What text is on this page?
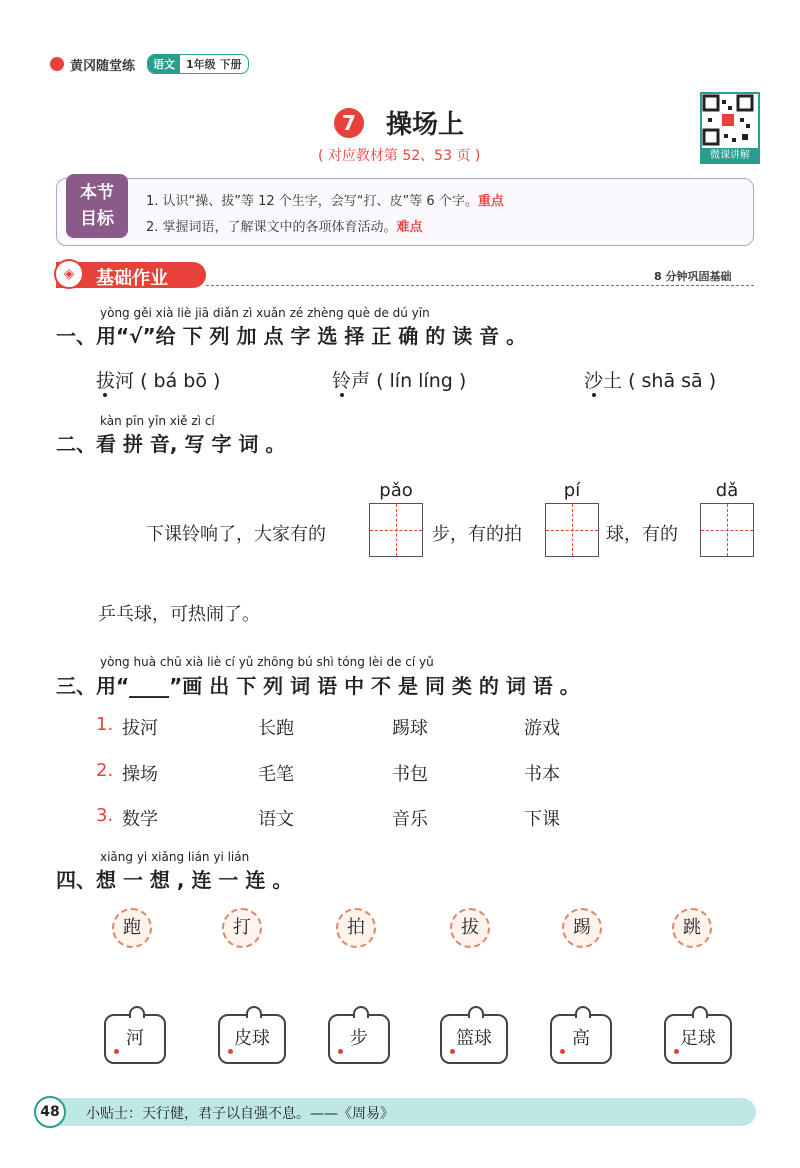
黄冈随堂练	语文	1年级 下册
7	操场上
( 对应教材第 52、53 页 )	微课讲解
本节
目标
1. 认识“操、拔”等 12 个生字，会写“打、皮”等 6 个字。重点
2. 掌握词语，了解课文中的各项体育活动。难点
◈	基础作业	8 分钟巩固基础
yòng gěi xià liè jiā diǎn zì xuǎn zé zhèng què de dú yīn
一、用“√”给 下 列 加 点 字 选 择 正 确 的 读 音 。
拔河 ( bá bō )	铃声 ( lín líng )	沙土 ( shā sā )
kàn pīn yīn xiě zì cí
二、看 拼 音, 写 字 词 。
下课铃响了，大家有的
pǎo
步，有的拍
pí
球，有的
dǎ
乒乓球，可热闹了。
yòng huà chū xià liè cí yǔ zhōng bú shì tóng lèi de cí yǔ
三、用“____”画 出 下 列 词 语 中 不 是 同 类 的 词 语 。
1. 拔河	长跑	踢球	游戏
2. 操场	毛笔	书包	书本
3. 数学	语文	音乐	下课
xiǎng yi xiǎng lián yi lián
四、想 一 想 , 连 一 连 。
跑	打	拍	拔	踢	跳
河	皮球	步	篮球	高	足球
48	小贴士：天行健，君子以自强不息。——《周易》
